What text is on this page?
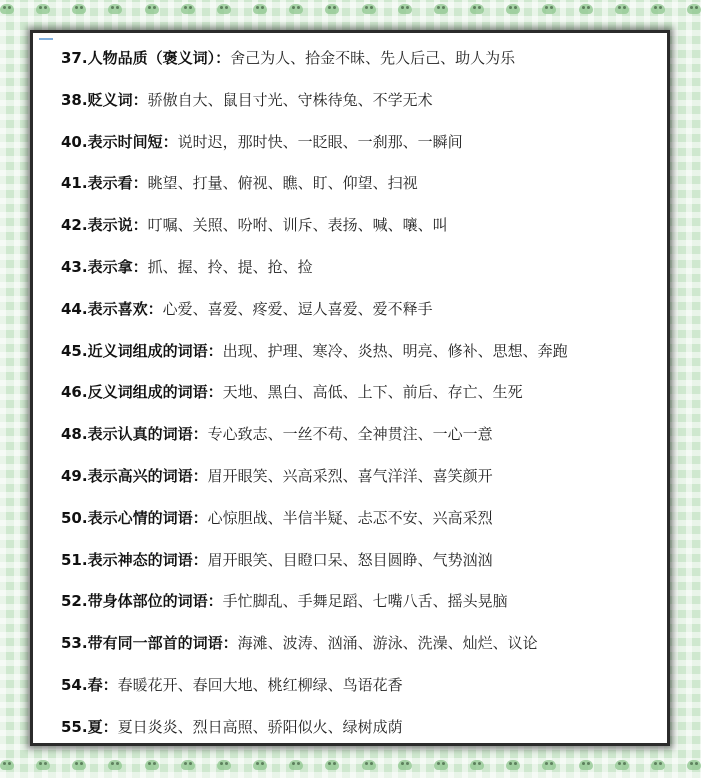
37.人物品质（褒义词）：舍己为人、拾金不昧、先人后己、助人为乐
38.贬义词：骄傲自大、鼠目寸光、守株待兔、不学无术
40.表示时间短：说时迟，那时快、一眨眼、一刹那、一瞬间
41.表示看：眺望、打量、俯视、瞧、盯、仰望、扫视
42.表示说：叮嘱、关照、吩咐、训斥、表扬、喊、嚷、叫
43.表示拿：抓、握、拎、提、抢、捡
44.表示喜欢：心爱、喜爱、疼爱、逗人喜爱、爱不释手
45.近义词组成的词语：出现、护理、寒冷、炎热、明亮、修补、思想、奔跑
46.反义词组成的词语：天地、黑白、高低、上下、前后、存亡、生死
48.表示认真的词语：专心致志、一丝不苟、全神贯注、一心一意
49.表示高兴的词语：眉开眼笑、兴高采烈、喜气洋洋、喜笑颜开
50.表示心情的词语：心惊胆战、半信半疑、忐忑不安、兴高采烈
51.表示神态的词语：眉开眼笑、目瞪口呆、怒目圆睁、气势汹汹
52.带身体部位的词语：手忙脚乱、手舞足蹈、七嘴八舌、摇头晃脑
53.带有同一部首的词语：海滩、波涛、汹涌、游泳、洗澡、灿烂、议论
54.春：春暖花开、春回大地、桃红柳绿、鸟语花香
55.夏：夏日炎炎、烈日高照、骄阳似火、绿树成荫
